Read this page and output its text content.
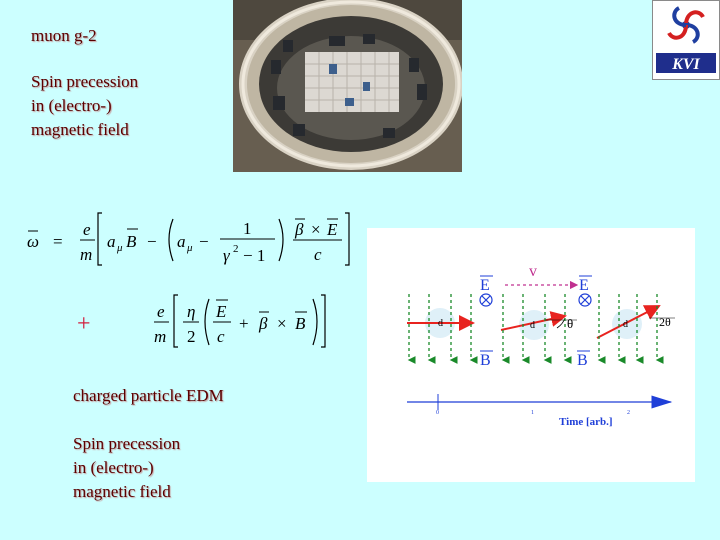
muon g-2
Spin precession
in (electro-)
magnetic field
KVI
ω =
e
m
a μ B − a μ −
1
γ 2 − 1
β × E
c
+	e
m
η
2
E
c
+ β × B
charged particle EDM
Spin precession
in (electro-)
magnetic field
v
E	E
d	d	d
θ	2θ
B	B
0	1	2
Time [arb.]
